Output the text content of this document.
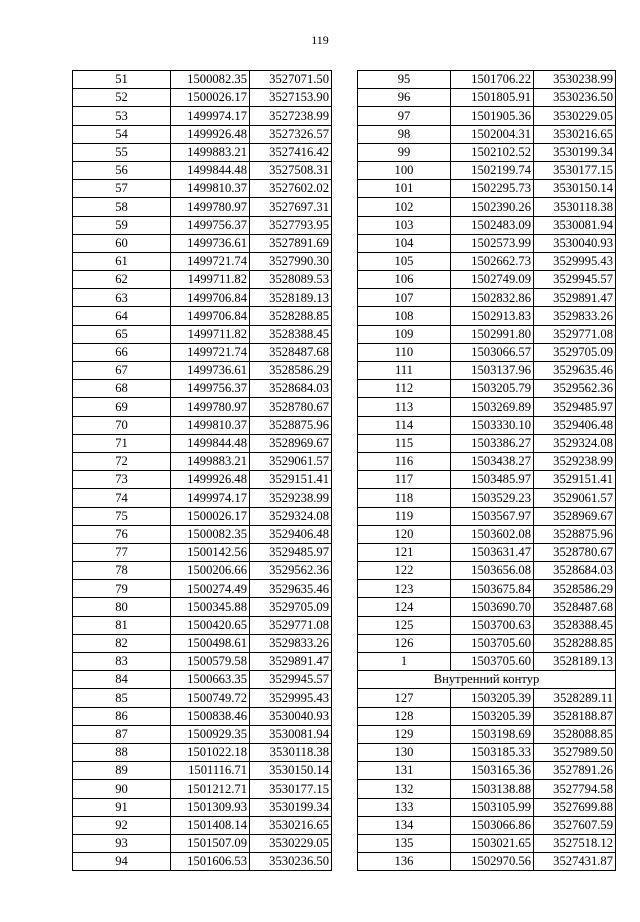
119
51	1500082.35	3527071.50
52	1500026.17	3527153.90
53	1499974.17	3527238.99
54	1499926.48	3527326.57
55	1499883.21	3527416.42
56	1499844.48	3527508.31
57	1499810.37	3527602.02
58	1499780.97	3527697.31
59	1499756.37	3527793.95
60	1499736.61	3527891.69
61	1499721.74	3527990.30
62	1499711.82	3528089.53
63	1499706.84	3528189.13
64	1499706.84	3528288.85
65	1499711.82	3528388.45
66	1499721.74	3528487.68
67	1499736.61	3528586.29
68	1499756.37	3528684.03
69	1499780.97	3528780.67
70	1499810.37	3528875.96
71	1499844.48	3528969.67
72	1499883.21	3529061.57
73	1499926.48	3529151.41
74	1499974.17	3529238.99
75	1500026.17	3529324.08
76	1500082.35	3529406.48
77	1500142.56	3529485.97
78	1500206.66	3529562.36
79	1500274.49	3529635.46
80	1500345.88	3529705.09
81	1500420.65	3529771.08
82	1500498.61	3529833.26
83	1500579.58	3529891.47
84	1500663.35	3529945.57
85	1500749.72	3529995.43
86	1500838.46	3530040.93
87	1500929.35	3530081.94
88	1501022.18	3530118.38
89	1501116.71	3530150.14
90	1501212.71	3530177.15
91	1501309.93	3530199.34
92	1501408.14	3530216.65
93	1501507.09	3530229.05
94	1501606.53	3530236.50
95	1501706.22	3530238.99
96	1501805.91	3530236.50
97	1501905.36	3530229.05
98	1502004.31	3530216.65
99	1502102.52	3530199.34
100	1502199.74	3530177.15
101	1502295.73	3530150.14
102	1502390.26	3530118.38
103	1502483.09	3530081.94
104	1502573.99	3530040.93
105	1502662.73	3529995.43
106	1502749.09	3529945.57
107	1502832.86	3529891.47
108	1502913.83	3529833.26
109	1502991.80	3529771.08
110	1503066.57	3529705.09
111	1503137.96	3529635.46
112	1503205.79	3529562.36
113	1503269.89	3529485.97
114	1503330.10	3529406.48
115	1503386.27	3529324.08
116	1503438.27	3529238.99
117	1503485.97	3529151.41
118	1503529.23	3529061.57
119	1503567.97	3528969.67
120	1503602.08	3528875.96
121	1503631.47	3528780.67
122	1503656.08	3528684.03
123	1503675.84	3528586.29
124	1503690.70	3528487.68
125	1503700.63	3528388.45
126	1503705.60	3528288.85
1	1503705.60	3528189.13
Внутренний контур		
127	1503205.39	3528289.11
128	1503205.39	3528188.87
129	1503198.69	3528088.85
130	1503185.33	3527989.50
131	1503165.36	3527891.26
132	1503138.88	3527794.58
133	1503105.99	3527699.88
134	1503066.86	3527607.59
135	1503021.65	3527518.12
136	1502970.56	3527431.87
